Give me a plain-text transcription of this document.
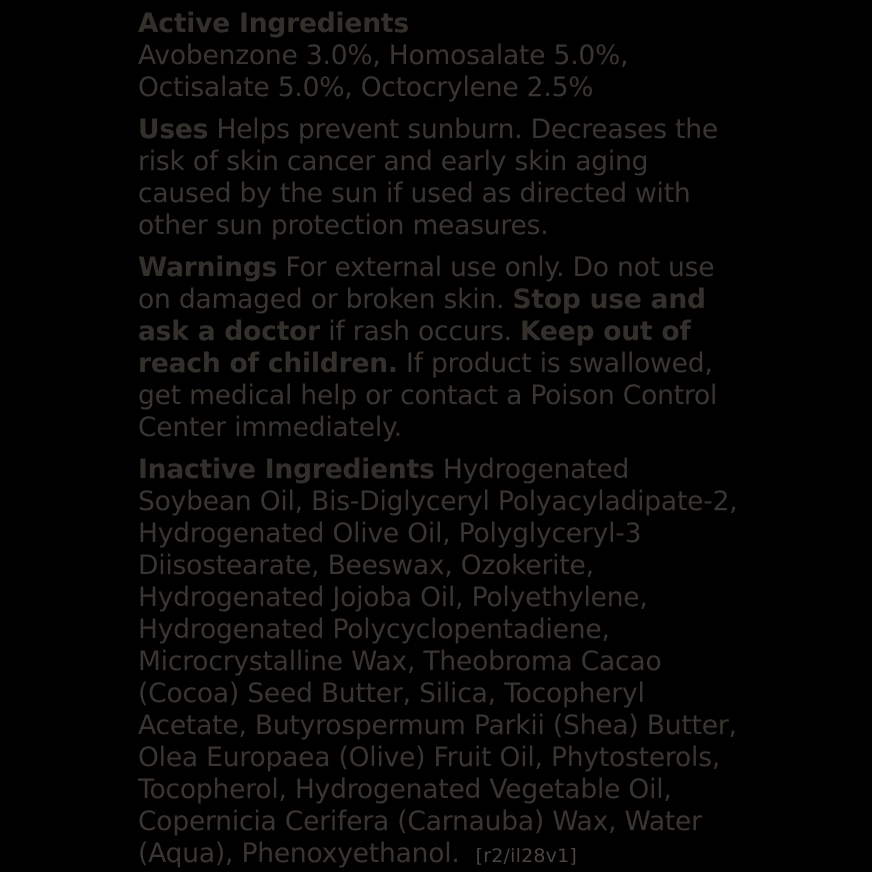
Active Ingredients
Avobenzone 3.0%, Homosalate 5.0%, Octisalate 5.0%, Octocrylene 2.5%

Uses Helps prevent sunburn. Decreases the risk of skin cancer and early skin aging caused by the sun if used as directed with other sun protection measures.

Warnings For external use only. Do not use on damaged or broken skin. Stop use and ask a doctor if rash occurs. Keep out of reach of children. If product is swallowed, get medical help or contact a Poison Control Center immediately.

Inactive Ingredients Hydrogenated Soybean Oil, Bis-Diglyceryl Polyacyladipate-2, Hydrogenated Olive Oil, Polyglyceryl-3 Diisostearate, Beeswax, Ozokerite, Hydrogenated Jojoba Oil, Polyethylene, Hydrogenated Polycyclopentadiene, Microcrystalline Wax, Theobroma Cacao (Cocoa) Seed Butter, Silica, Tocopheryl Acetate, Butyrospermum Parkii (Shea) Butter, Olea Europaea (Olive) Fruit Oil, Phytosterols, Tocopherol, Hydrogenated Vegetable Oil, Copernicia Cerifera (Carnauba) Wax, Water (Aqua), Phenoxyethanol. [r2/il28v1]
